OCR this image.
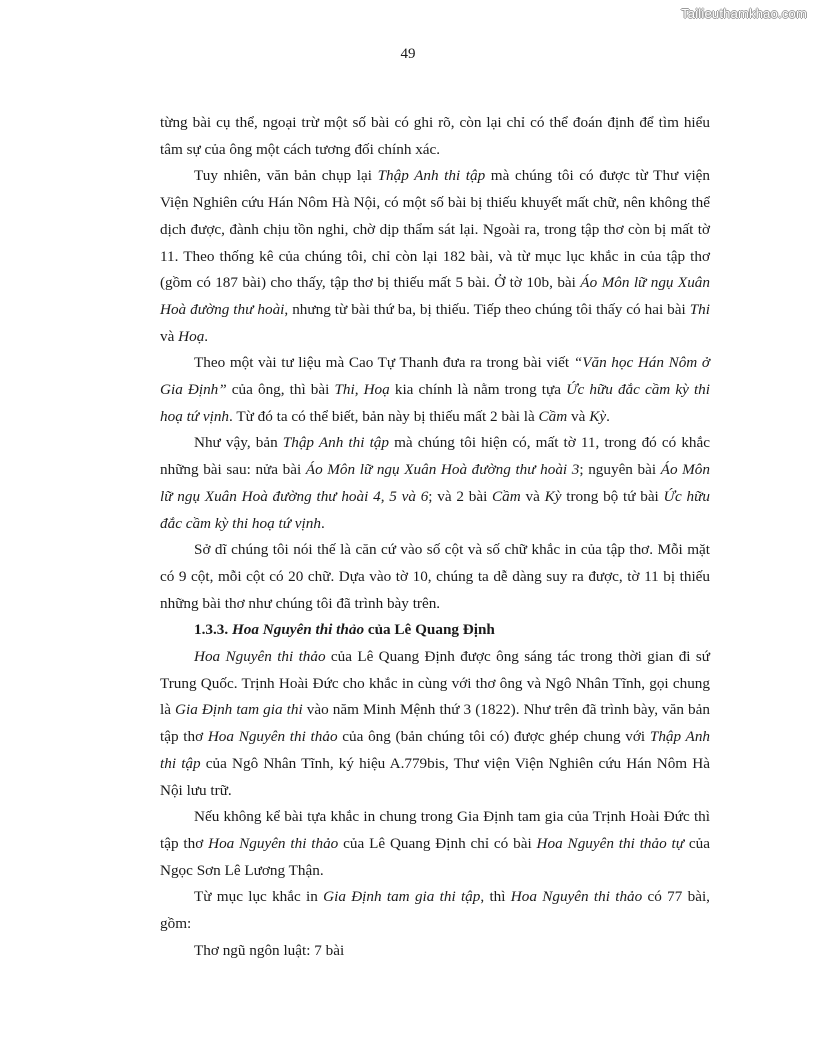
Tailieuthamkhao.com
49

từng bài cụ thể, ngoại trừ một số bài có ghi rõ, còn lại chỉ có thể đoán định để tìm hiểu tâm sự của ông một cách tương đối chính xác.

Tuy nhiên, văn bản chụp lại Thập Anh thi tập mà chúng tôi có được từ Thư viện Viện Nghiên cứu Hán Nôm Hà Nội, có một số bài bị thiếu khuyết mất chữ, nên không thể dịch được, đành chịu tồn nghi, chờ dịp thẩm sát lại. Ngoài ra, trong tập thơ còn bị mất tờ 11. Theo thống kê của chúng tôi, chỉ còn lại 182 bài, và từ mục lục khắc in của tập thơ (gồm có 187 bài) cho thấy, tập thơ bị thiếu mất 5 bài. Ở tờ 10b, bài Áo Môn lữ ngụ Xuân Hoà đường thư hoài, nhưng từ bài thứ ba, bị thiếu. Tiếp theo chúng tôi thấy có hai bài Thi và Hoạ.

Theo một vài tư liệu mà Cao Tự Thanh đưa ra trong bài viết “Văn học Hán Nôm ở Gia Định” của ông, thì bài Thi, Hoạ kia chính là nằm trong tựa Ức hữu đắc cầm kỳ thi hoạ tứ vịnh. Từ đó ta có thể biết, bản này bị thiếu mất 2 bài là Cầm và Kỳ.

Như vậy, bản Thập Anh thi tập mà chúng tôi hiện có, mất tờ 11, trong đó có khắc những bài sau: nửa bài Áo Môn lữ ngụ Xuân Hoà đường thư hoài 3; nguyên bài Áo Môn lữ ngụ Xuân Hoà đường thư hoài 4, 5 và 6; và 2 bài Cầm và Kỳ trong bộ tứ bài Ức hữu đắc cầm kỳ thi hoạ tứ vịnh.

Sở dĩ chúng tôi nói thế là căn cứ vào số cột và số chữ khắc in của tập thơ. Mỗi mặt có 9 cột, mỗi cột có 20 chữ. Dựa vào tờ 10, chúng ta dễ dàng suy ra được, tờ 11 bị thiếu những bài thơ như chúng tôi đã trình bày trên.

1.3.3. Hoa Nguyên thi thảo của Lê Quang Định

Hoa Nguyên thi thảo của Lê Quang Định được ông sáng tác trong thời gian đi sứ Trung Quốc. Trịnh Hoài Đức cho khắc in cùng với thơ ông và Ngô Nhân Tĩnh, gọi chung là Gia Định tam gia thi vào năm Minh Mệnh thứ 3 (1822). Như trên đã trình bày, văn bản tập thơ Hoa Nguyên thi thảo của ông (bản chúng tôi có) được ghép chung với Thập Anh thi tập của Ngô Nhân Tĩnh, ký hiệu A.779bis, Thư viện Viện Nghiên cứu Hán Nôm Hà Nội lưu trữ.

Nếu không kể bài tựa khắc in chung trong Gia Định tam gia của Trịnh Hoài Đức thì tập thơ Hoa Nguyên thi thảo của Lê Quang Định chỉ có bài Hoa Nguyên thi thảo tự của Ngọc Sơn Lê Lương Thận.

Từ mục lục khắc in Gia Định tam gia thi tập, thì Hoa Nguyên thi thảo có 77 bài, gồm:

Thơ ngũ ngôn luật: 7 bài
